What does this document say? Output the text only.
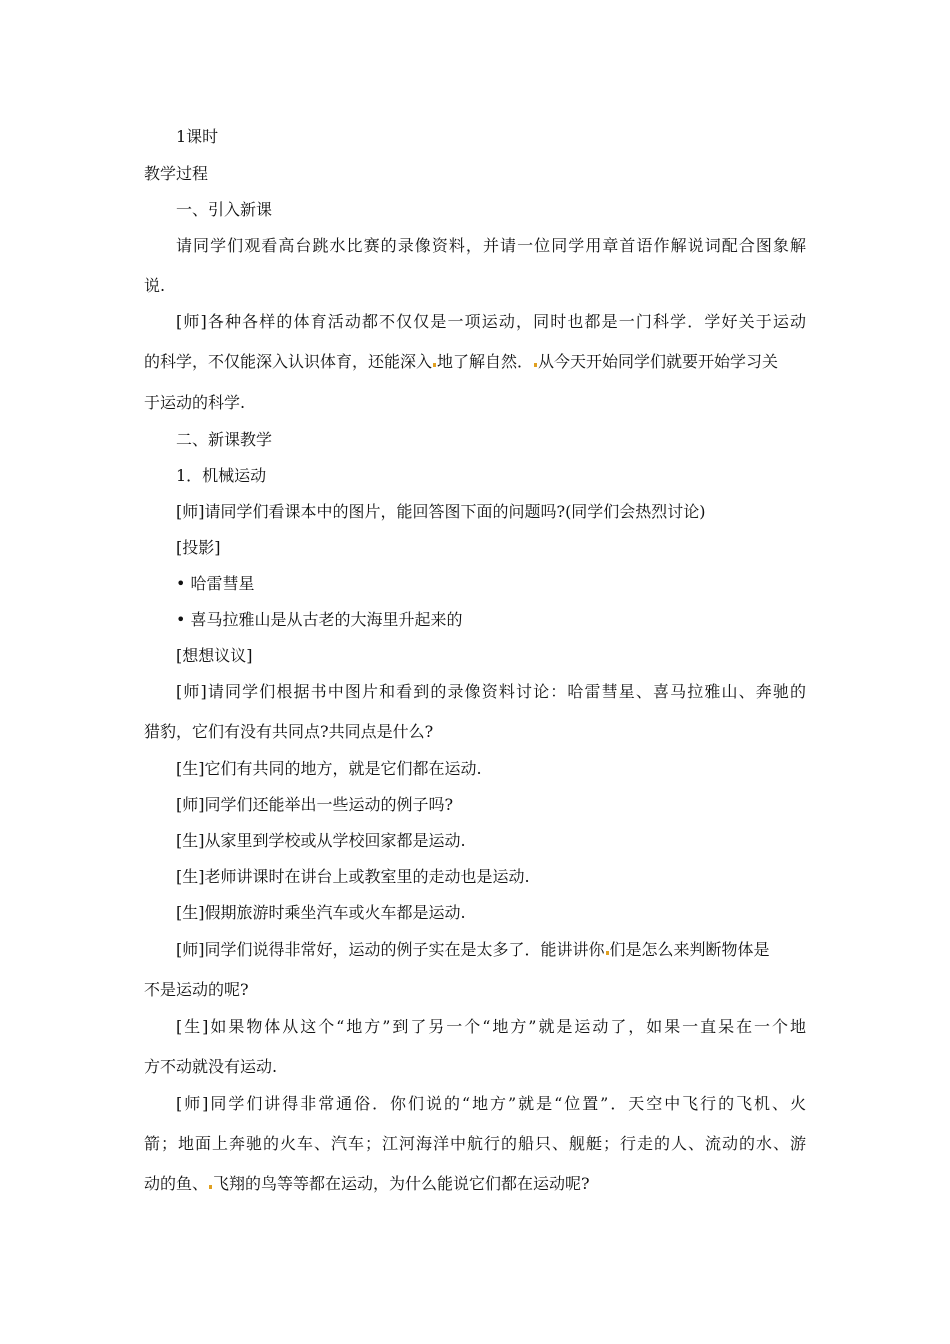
1课时
教学过程
一、引入新课
请同学们观看高台跳水比赛的录像资料，并请一位同学用章首语作解说词配合图象解
说.
[师]各种各样的体育活动都不仅仅是一项运动，同时也都是一门科学．学好关于运动
的科学，不仅能深入认识体育，还能深入 地了解自然． 从今天开始同学们就要开始学习关
于运动的科学.
二、新课教学
1．机械运动
[师]请同学们看课本中的图片，能回答图下面的问题吗?(同学们会热烈讨论)
[投影]
• 哈雷彗星
• 喜马拉雅山是从古老的大海里升起来的
[想想议议]
[师]请同学们根据书中图片和看到的录像资料讨论：哈雷彗星、喜马拉雅山、奔驰的
猎豹，它们有没有共同点?共同点是什么?
[生]它们有共同的地方，就是它们都在运动.
[师]同学们还能举出一些运动的例子吗?
[生]从家里到学校或从学校回家都是运动.
[生]老师讲课时在讲台上或教室里的走动也是运动.
[生]假期旅游时乘坐汽车或火车都是运动.
[师]同学们说得非常好，运动的例子实在是太多了．能讲讲你 们是怎么来判断物体是
不是运动的呢?
[生]如果物体从这个“地方”到了另一个“地方”就是运动了，如果一直呆在一个地
方不动就没有运动.
[师]同学们讲得非常通俗．你们说的“地方”就是“位置”．天空中飞行的飞机、火
箭；地面上奔驰的火车、汽车；江河海洋中航行的船只、舰艇；行走的人、流动的水、游
动的鱼、 飞翔的鸟等等都在运动，为什么能说它们都在运动呢?
